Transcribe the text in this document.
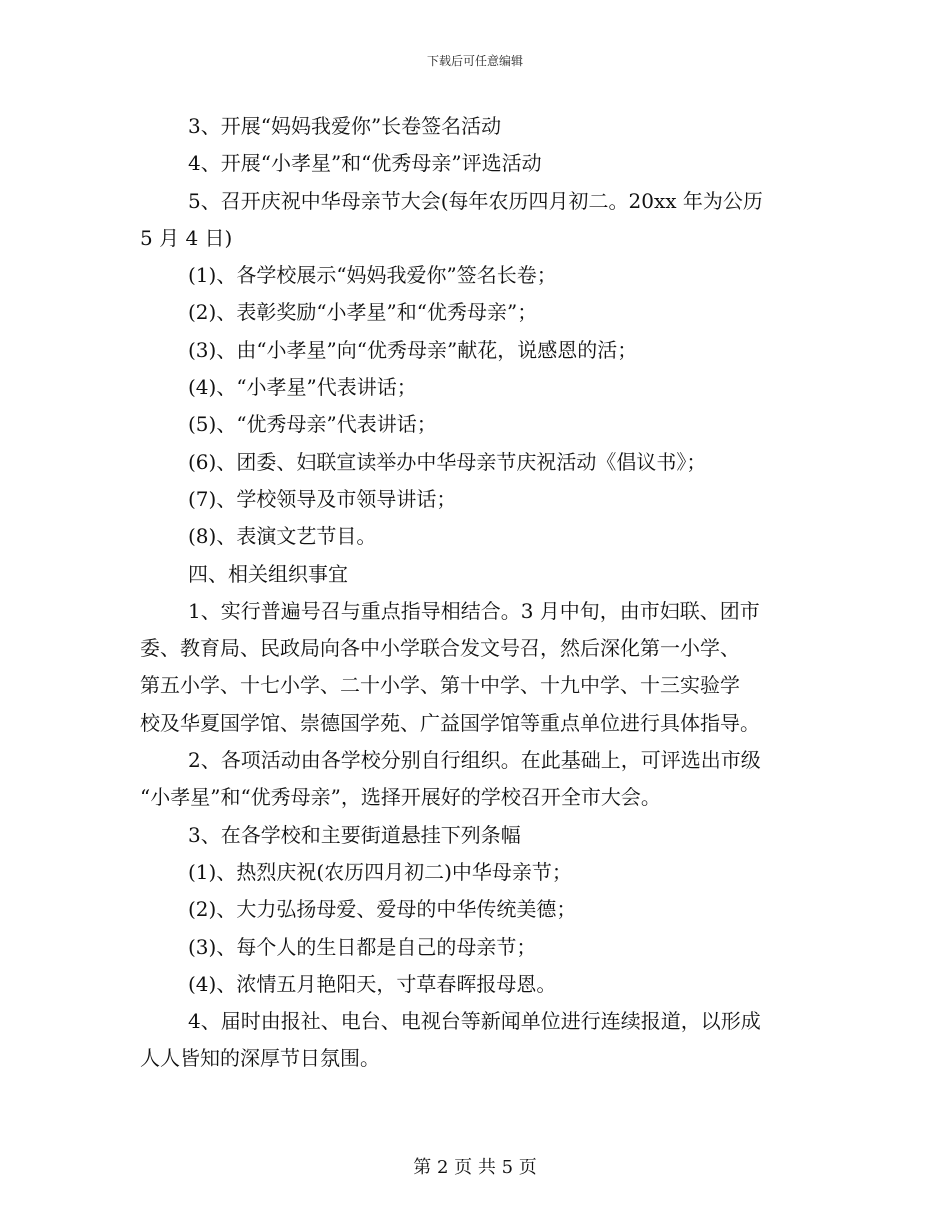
下载后可任意编辑
3、开展“妈妈我爱你”长卷签名活动
4、开展“小孝星”和“优秀母亲”评选活动
5、召开庆祝中华母亲节大会(每年农历四月初二。20xx 年为公历
5 月 4 日)
(1)、各学校展示“妈妈我爱你”签名长卷；
(2)、表彰奖励“小孝星”和“优秀母亲”；
(3)、由“小孝星”向“优秀母亲”献花，说感恩的活；
(4)、“小孝星”代表讲话；
(5)、“优秀母亲”代表讲话；
(6)、团委、妇联宣读举办中华母亲节庆祝活动《倡议书》；
(7)、学校领导及市领导讲话；
(8)、表演文艺节目。
四、相关组织事宜
1、实行普遍号召与重点指导相结合。3 月中旬，由市妇联、团市
委、教育局、民政局向各中小学联合发文号召，然后深化第一小学、
第五小学、十七小学、二十小学、第十中学、十九中学、十三实验学
校及华夏国学馆、崇德国学苑、广益国学馆等重点单位进行具体指导。
2、各项活动由各学校分别自行组织。在此基础上，可评选出市级
“小孝星”和“优秀母亲”，选择开展好的学校召开全市大会。
3、在各学校和主要街道悬挂下列条幅
(1)、热烈庆祝(农历四月初二)中华母亲节；
(2)、大力弘扬母爱、爱母的中华传统美德；
(3)、每个人的生日都是自己的母亲节；
(4)、浓情五月艳阳天，寸草春晖报母恩。
4、届时由报社、电台、电视台等新闻单位进行连续报道，以形成
人人皆知的深厚节日氛围。
第 2 页 共 5 页
